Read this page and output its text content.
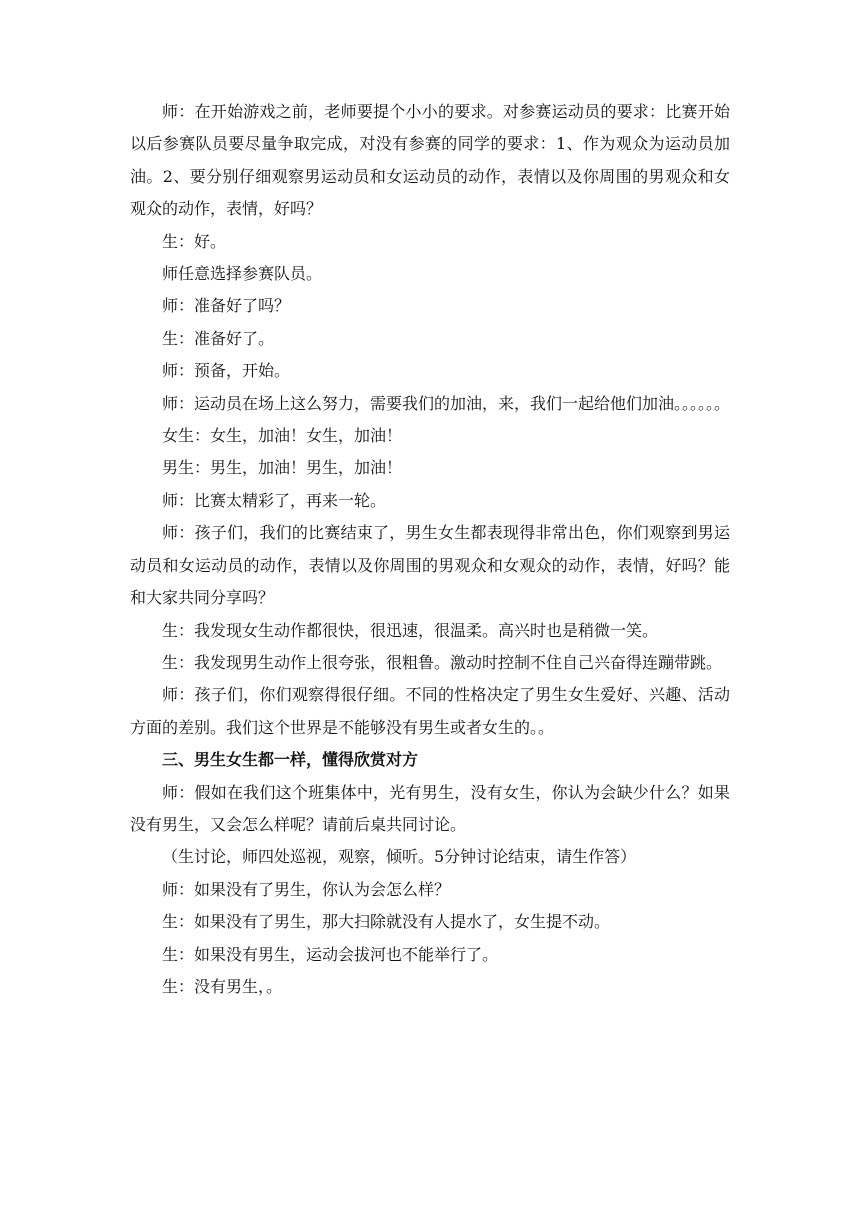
师：在开始游戏之前，老师要提个小小的要求。对参赛运动员的要求：比赛开始以后参赛队员要尽量争取完成，对没有参赛的同学的要求：1、作为观众为运动员加油。2、要分别仔细观察男运动员和女运动员的动作，表情以及你周围的男观众和女观众的动作，表情，好吗？

生：好。

师任意选择参赛队员。

师：准备好了吗？

生：准备好了。

师：预备，开始。

师：运动员在场上这么努力，需要我们的加油，来，我们一起给他们加油。。。。。。

女生：女生，加油！女生，加油！

男生：男生，加油！男生，加油！

师：比赛太精彩了，再来一轮。

师：孩子们，我们的比赛结束了，男生女生都表现得非常出色，你们观察到男运动员和女运动员的动作，表情以及你周围的男观众和女观众的动作，表情，好吗？能和大家共同分享吗？

生：我发现女生动作都很快，很迅速，很温柔。高兴时也是稍微一笑。

生：我发现男生动作上很夸张，很粗鲁。激动时控制不住自己兴奋得连蹦带跳。

师：孩子们，你们观察得很仔细。不同的性格决定了男生女生爱好、兴趣、活动方面的差别。我们这个世界是不能够没有男生或者女生的。。

三、男生女生都一样，懂得欣赏对方

师：假如在我们这个班集体中，光有男生，没有女生，你认为会缺少什么？如果没有男生，又会怎么样呢？请前后桌共同讨论。

（生讨论，师四处巡视，观察，倾听。5分钟讨论结束，请生作答）

师：如果没有了男生，你认为会怎么样？

生：如果没有了男生，那大扫除就没有人提水了，女生提不动。

生：如果没有男生，运动会拔河也不能举行了。

生：没有男生，。
